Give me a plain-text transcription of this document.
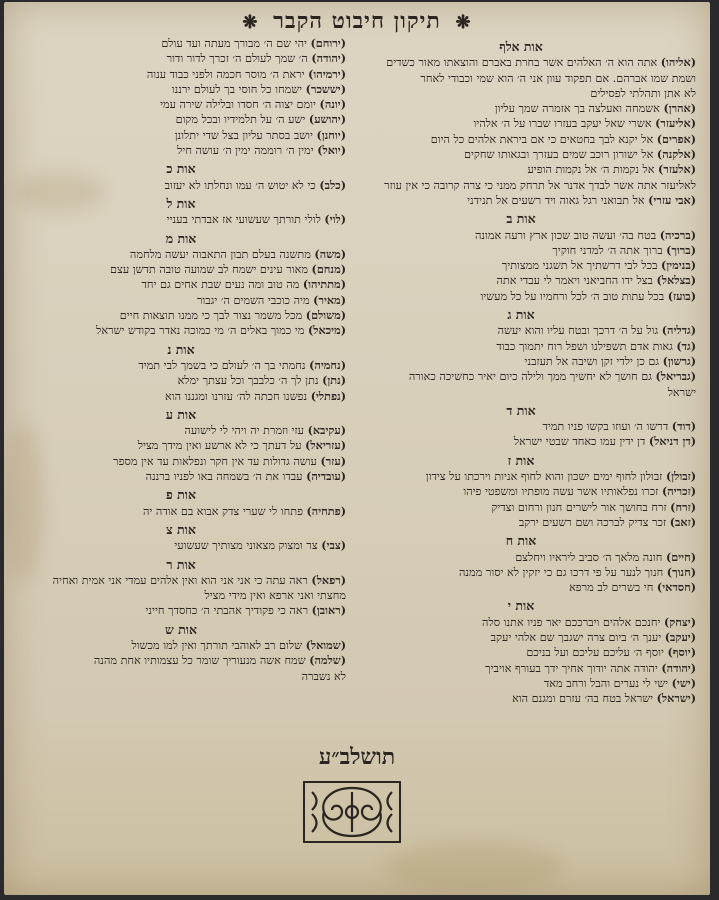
❋ תיקון חיבוט הקבר ❋
אות אלף
(אליהו) אתה הוא ה׳ האלהים אשר בחרת באברם והוצאתו מאור כשדים
ושמת שמו אברהם. אם תפקוד עוון אני ה׳ הוא שמי וכבודי לאחר
לא אתן ותהלתי לפסילים
(אהרן) אשמחה ואעלצה בך אזמרה שמך עליון
(אליעזר) אשרי שאל יעקב בעזרו שברו על ה׳ אלהיו
(אפרים) אל יקנא לבך בחטאים כי אם ביראת אלהים כל היום
(אלקנה) אל ישורון רוכב שמים בעזרך ובגאותו שחקים
(אלעזר) אל נקמות ה׳ אל נקמות הופיע
לאליעזר אתה אשר לבדך אדנר אל תרחק ממני כי צרה קרובה כי אין עוזר
(אבי עזרי) אל תבואני רגל גאוה ויד רשעים אל תנידני
אות ב
(ברכיה) בטח בה׳ ועשה טוב שכון ארץ ורעה אמונה
(ברוך) ברוך אתה ה׳ למדני חוקיך
(בנימין) בכל לבי דרשתיך אל תשגני ממצותיך
(בצלאל) בצל ידו החביאני ויאמר לי עבדי אתה
(בועז) בכל עתות טוב ה׳ לכל ורחמיו על כל מעשיו
אות ג
(גדליה) גול על ה׳ דרכך ובטח עליו והוא יעשה
(גד) גאות אדם תשפילנו ושפל רוח יתמוך כבוד
(גרשון) גם כן ילדי זקן ושיבה אל תעזבני
(גבריאל) גם חושך לא יחשיך ממך ולילה כיום יאיר כחשיכה כאורה
ישראל
אות ד
(דוד) דרשו ה׳ ועוזו בקשו פניו תמיד
(דן דניאל) דן ידין עמו כאחד שבטי ישראל
אות ז
(זבולן) זבולון לחוף ימים ישכון והוא לחוף אניות וירכתו על צידון
(זכריה) זכרו נפלאותיו אשר עשה מופתיו ומשפטי פיהו
(זרח) זרח בחושך אור לישרים חנון ורחום וצדיק
(זאב) זכר צדיק לברכה ושם רשעים ירקב
אות ח
(חיים) חונה מלאך ה׳ סביב ליראיו ויחלצם
(חנוך) חנוך לנער על פי דרכו גם כי יזקין לא יסור ממנה
(חסדאי) חי בשרים לב מרפא
אות י
(יצחק) יחנכם אלהים ויברככם יאר פניו אתנו סלה
(יעקב) יענך ה׳ ביום צרה ישגבך שם אלהי יעקב
(יוסף) יוסף ה׳ עליכם עליכם ועל בניכם
(יהודה) יהודה אתה יודוך אחיך ידך בעורף אויביך
(ישי) ישי לי נערים והבל ורחב מאד
(ישראל) ישראל בטח בה׳ עזרם ומגנם הוא
(ירוחם) יהי שם ה׳ מבורך מעתה ועד עולם
(יהודה) ה׳ שמך לעולם ה׳ זכרך לדור ודור
(ירמיהו) יראת ה׳ מוסר חכמה ולפני כבוד ענוה
(יששכר) ישמחו כל חוסי בך לעולם ירננו
(יונה) יומם יצוה ה׳ חסדו ובלילה שירה עמי
(יהושע) ישע ה׳ על תלמידיו ובכל מקום
(יוחנן) יושב בסתר עליון בצל שדי יתלונן
(יואל) ימין ה׳ רוממה ימין ה׳ עושה חיל
אות כ
(כלב) כי לא יטוש ה׳ עמו ונחלתו לא יעזוב
אות ל
(לוי) לולי תורתך שעשועי אז אבדתי בעניי
אות מ
(משה) מתשנה בעלם תבון התאבוה יעשה מלחמה
(מנחם) מאור עינים ישמח לב שמועה טובה תדשן עצם
(מתתיהו) מה טוב ומה נעים שבת אחים גם יחד
(מאיר) מיה כוכבי השמים ה׳ יגבור
(משולם) מכל משמר נצור לבך כי ממנו תוצאות חיים
(מיכאל) מי כמוך באלים ה׳ מי כמוכה נאדר בקודש ישראל
אות נ
(נחמיה) נחמתי בך ה׳ לעולם כי בשמך לבי תמיד
(נתן) נתן לך ה׳ כלבבך וכל עצתך ימלא
(נפתלי) נפשנו חכתה לה׳ עזרנו ומגננו הוא
אות ע
(עקיבא) עזי וזמרת יה ויהי לי לישועה
(עזריאל) על דעתך כי לא ארשע ואין מידך מציל
(עזר) עושה גדולות עד אין חקר ונפלאות עד אין מספר
(עובדיה) עבדו את ה׳ בשמחה באו לפניו ברננה
אות פ
(פתחיה) פתחו לי שערי צדק אבוא בם אודה יה
אות צ
(צבי) צר ומצוק מצאוני מצותיך שעשועי
אות ר
(רפאל) ראה עתה כי אני אני הוא ואין אלהים עמדי אני אמית ואחיה
מחצתי ואני ארפא ואין מידי מציל
(ראובן) ראה כי פקודיך אהבתי ה׳ כחסדך חייני
אות ש
(שמואל) שלום רב לאוהבי תורתך ואין למו מכשול
(שלמה) שמח אשה מנעוריך שומר כל עצמותיו אחת מהנה
לא נשברה
תושלב״ע
